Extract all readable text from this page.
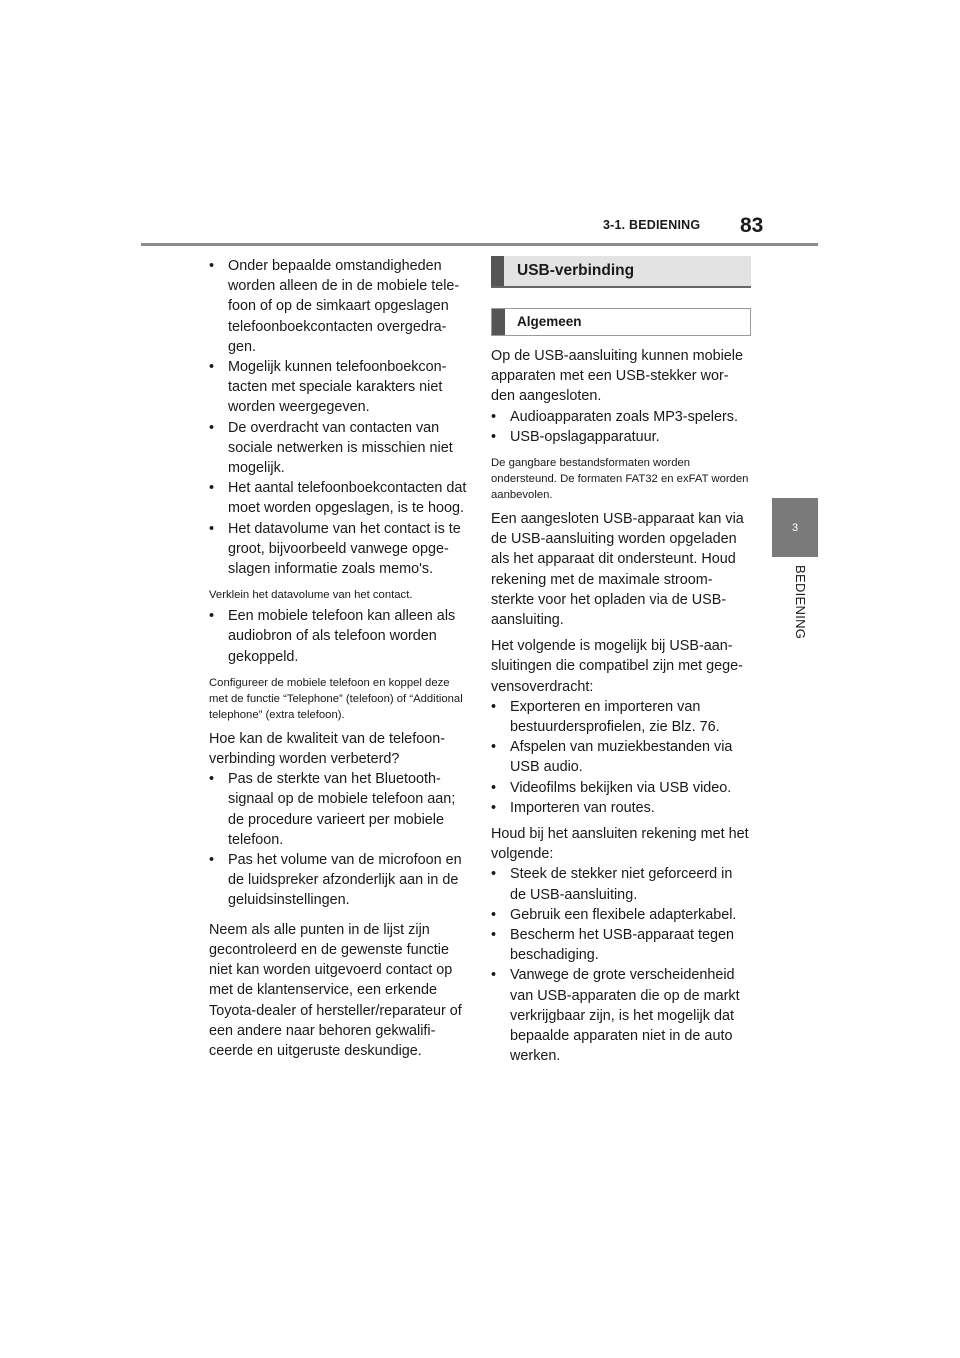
3-1. BEDIENING 83
3
BEDIENING
• Onder bepaalde omstandigheden worden alleen de in de mobiele tele-foon of op de simkaart opgeslagen telefoonboekcontacten overgedra-gen.
• Mogelijk kunnen telefoonboekcon-tacten met speciale karakters niet worden weergegeven.
• De overdracht van contacten van sociale netwerken is misschien niet mogelijk.
• Het aantal telefoonboekcontacten dat moet worden opgeslagen, is te hoog.
• Het datavolume van het contact is te groot, bijvoorbeeld vanwege opge-slagen informatie zoals memo's.

Verklein het datavolume van het contact.

• Een mobiele telefoon kan alleen als audiobron of als telefoon worden gekoppeld.

Configureer de mobiele telefoon en koppel deze met de functie “Telephone” (telefoon) of “Additional telephone” (extra telefoon).

Hoe kan de kwaliteit van de telefoon-verbinding worden verbeterd?

• Pas de sterkte van het Bluetooth-signaal op de mobiele telefoon aan; de procedure varieert per mobiele telefoon.
• Pas het volume van de microfoon en de luidspreker afzonderlijk aan in de geluidsinstellingen.

Neem als alle punten in de lijst zijn gecontroleerd en de gewenste functie niet kan worden uitgevoerd contact op met de klantenservice, een erkende Toyota-dealer of hersteller/reparateur of een andere naar behoren gekwalifi-ceerde en uitgeruste deskundige.

USB-verbinding
Algemeen

Op de USB-aansluiting kunnen mobiele apparaten met een USB-stekker wor-den aangesloten.

• Audioapparaten zoals MP3-spelers.
• USB-opslagapparatuur.

De gangbare bestandsformaten worden ondersteund. De formaten FAT32 en exFAT worden aanbevolen.

Een aangesloten USB-apparaat kan via de USB-aansluiting worden opgeladen als het apparaat dit ondersteunt. Houd rekening met de maximale stroom-sterkte voor het opladen via de USB-aansluiting.

Het volgende is mogelijk bij USB-aan-sluitingen die compatibel zijn met gege-vensoverdracht:

• Exporteren en importeren van bestuurdersprofielen, zie Blz. 76.
• Afspelen van muziekbestanden via USB audio.
• Videofilms bekijken via USB video.
• Importeren van routes.

Houd bij het aansluiten rekening met het volgende:

• Steek de stekker niet geforceerd in de USB-aansluiting.
• Gebruik een flexibele adapterkabel.
• Bescherm het USB-apparaat tegen beschadiging.
• Vanwege de grote verscheidenheid van USB-apparaten die op de markt verkrijgbaar zijn, is het mogelijk dat bepaalde apparaten niet in de auto werken.
